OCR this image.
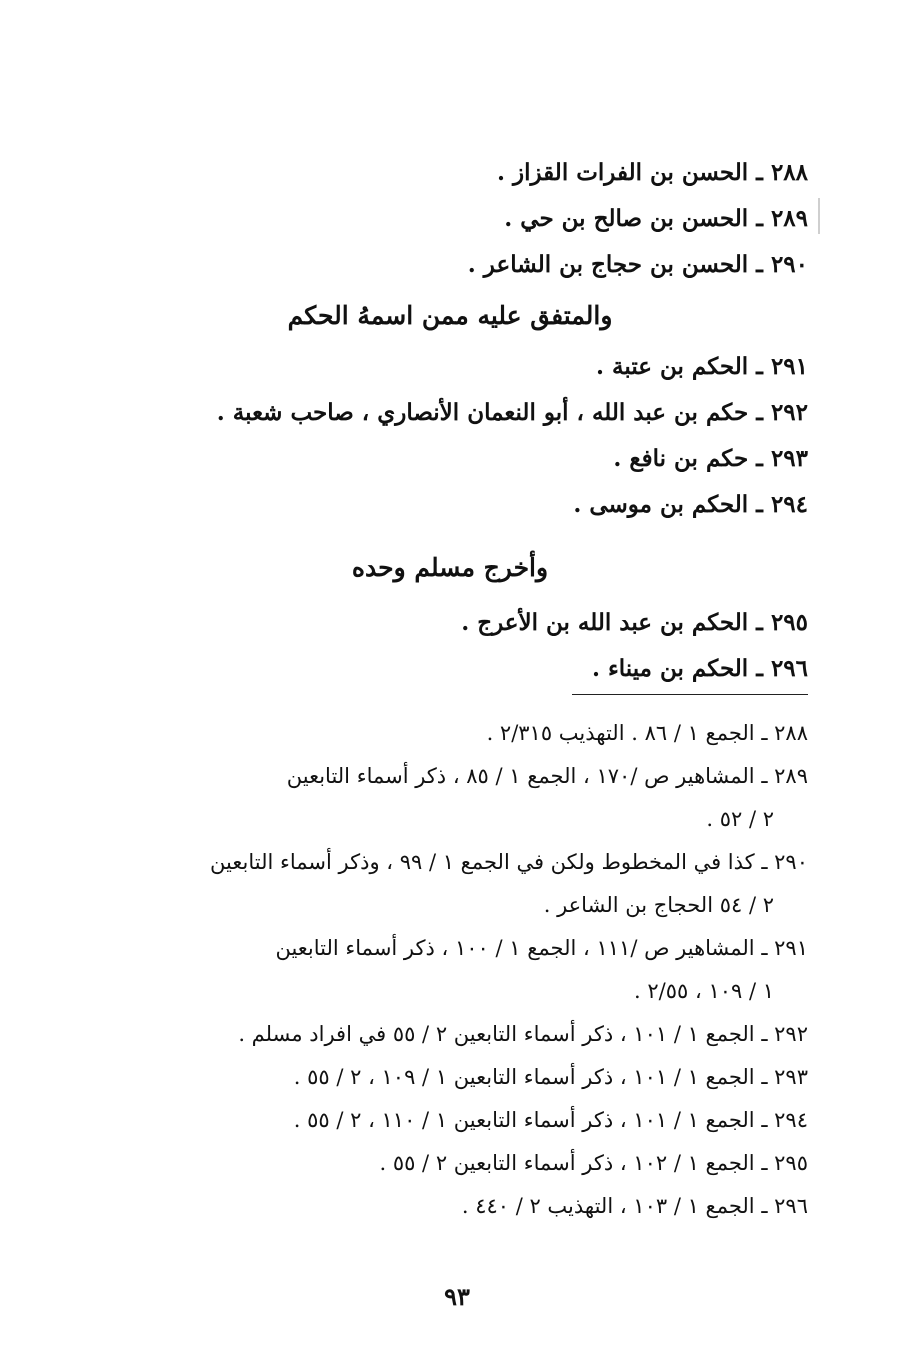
٢٨٨ ـ الحسن بن الفرات القزاز .
٢٨٩ ـ الحسن بن صالح بن حي .
٢٩٠ ـ الحسن بن حجاج بن الشاعر .
والمتفق عليه ممن اسمهُ الحكم
٢٩١ ـ الحكم بن عتبة .
٢٩٢ ـ حكم بن عبد الله ، أبو النعمان الأنصاري ، صاحب شعبة .
٢٩٣ ـ حكم بن نافع .
٢٩٤ ـ الحكم بن موسى .
وأخرج مسلم وحده
٢٩٥ ـ الحكم بن عبد الله بن الأعرج .
٢٩٦ ـ الحكم بن ميناء .
٢٨٨ ـ الجمع ١ / ٨٦ . التهذيب ٢/٣١٥ .
٢٨٩ ـ المشاهير ص /١٧٠ ، الجمع ١ / ٨٥ ، ذكر أسماء التابعين
٢ / ٥٢ .
٢٩٠ ـ كذا في المخطوط ولكن في الجمع ١ / ٩٩ ، وذكر أسماء التابعين
٢ / ٥٤ الحجاج بن الشاعر .
٢٩١ ـ المشاهير ص /١١١ ، الجمع ١ / ١٠٠ ، ذكر أسماء التابعين
١ / ١٠٩ ، ٢/٥٥ .
٢٩٢ ـ الجمع ١ / ١٠١ ، ذكر أسماء التابعين ٢ / ٥٥ في افراد مسلم .
٢٩٣ ـ الجمع ١ / ١٠١ ، ذكر أسماء التابعين ١ / ١٠٩ ، ٢ / ٥٥ .
٢٩٤ ـ الجمع ١ / ١٠١ ، ذكر أسماء التابعين ١ / ١١٠ ، ٢ / ٥٥ .
٢٩٥ ـ الجمع ١ / ١٠٢ ، ذكر أسماء التابعين ٢ / ٥٥ .
٢٩٦ ـ الجمع ١ / ١٠٣ ، التهذيب ٢ / ٤٤٠ .
٩٣
